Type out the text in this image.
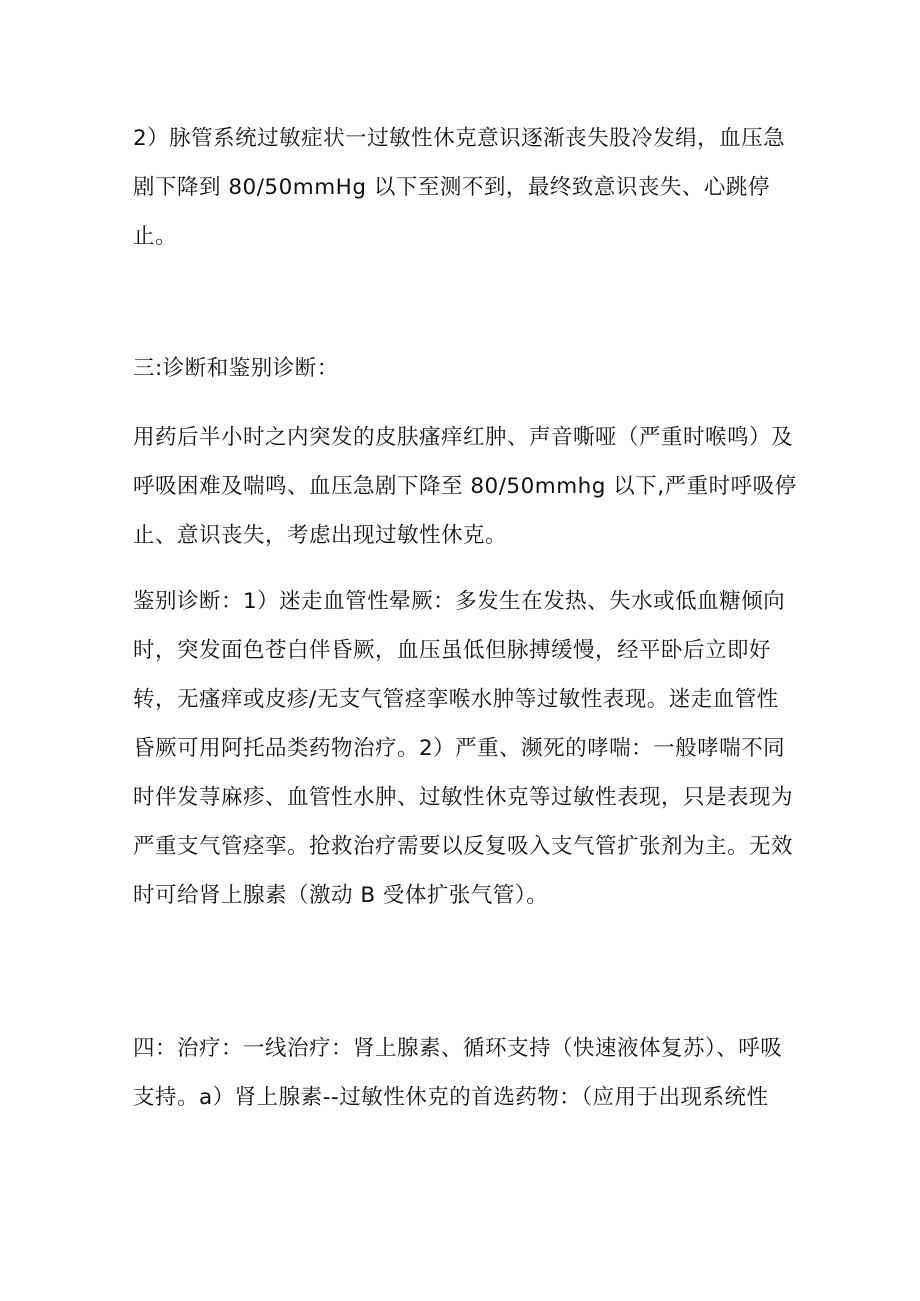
2）脉管系统过敏症状一过敏性休克意识逐渐丧失股冷发绢，血压急
剧下降到 80/50mmHg 以下至测不到，最终致意识丧失、心跳停
止。

三:诊断和鉴别诊断：

用药后半小时之内突发的皮肤瘙痒红肿、声音嘶哑（严重时喉鸣）及
呼吸困难及喘鸣、血压急剧下降至 80/50mmhg 以下,严重时呼吸停
止、意识丧失，考虑出现过敏性休克。

鉴别诊断：1）迷走血管性晕厥：多发生在发热、失水或低血糖倾向
时，突发面色苍白伴昏厥，血压虽低但脉搏缓慢，经平卧后立即好
转，无瘙痒或皮疹/无支气管痉挛喉水肿等过敏性表现。迷走血管性
昏厥可用阿托品类药物治疗。2）严重、濒死的哮喘：一般哮喘不同
时伴发荨麻疹、血管性水肿、过敏性休克等过敏性表现，只是表现为
严重支气管痉挛。抢救治疗需要以反复吸入支气管扩张剂为主。无效
时可给肾上腺素（激动 B 受体扩张气管）。

四：治疗：一线治疗：肾上腺素、循环支持（快速液体复苏）、呼吸
支持。a）肾上腺素--过敏性休克的首选药物：（应用于出现系统性
